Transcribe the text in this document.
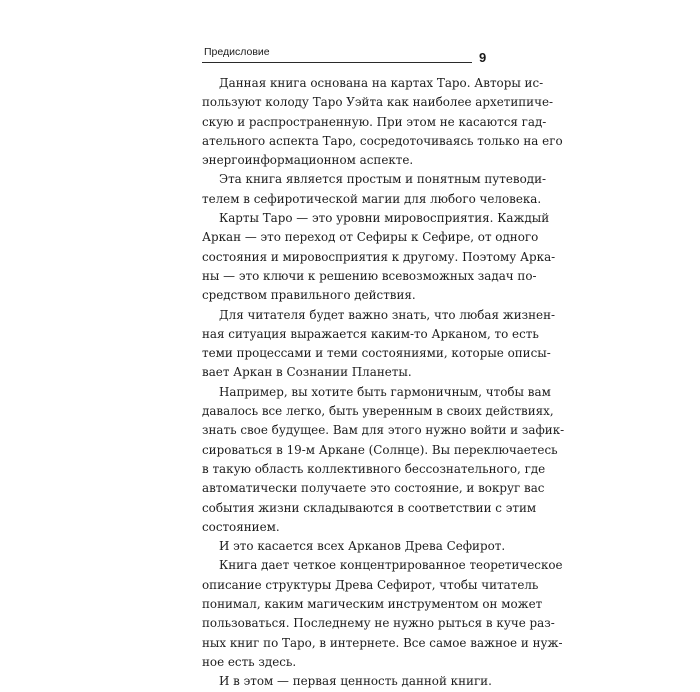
Предисловие	9
Данная книга основана на картах Таро. Авторы ис-
пользуют колоду Таро Уэйта как наиболее архетипиче-
скую и распространенную. При этом не касаются гад-
ательного аспекта Таро, сосредоточиваясь только на его
энергоинформационном аспекте.
Эта книга является простым и понятным путеводи-
телем в сефиротической магии для любого человека.
Карты Таро — это уровни мировосприятия. Каждый
Аркан — это переход от Сефиры к Сефире, от одного
состояния и мировосприятия к другому. Поэтому Арка-
ны — это ключи к решению всевозможных задач по-
средством правильного действия.
Для читателя будет важно знать, что любая жизнен-
ная ситуация выражается каким-то Арканом, то есть
теми процессами и теми состояниями, которые описы-
вает Аркан в Сознании Планеты.
Например, вы хотите быть гармоничным, чтобы вам
давалось все легко, быть уверенным в своих действиях,
знать свое будущее. Вам для этого нужно войти и зафик-
сироваться в 19-м Аркане (Солнце). Вы переключаетесь
в такую область коллективного бессознательного, где
автоматически получаете это состояние, и вокруг вас
события жизни складываются в соответствии с этим
состоянием.
И это касается всех Арканов Древа Сефирот.
Книга дает четкое концентрированное теоретическое
описание структуры Древа Сефирот, чтобы читатель
понимал, каким магическим инструментом он может
пользоваться. Последнему не нужно рыться в куче раз-
ных книг по Таро, в интернете. Все самое важное и нуж-
ное есть здесь.
И в этом — первая ценность данной книги.
